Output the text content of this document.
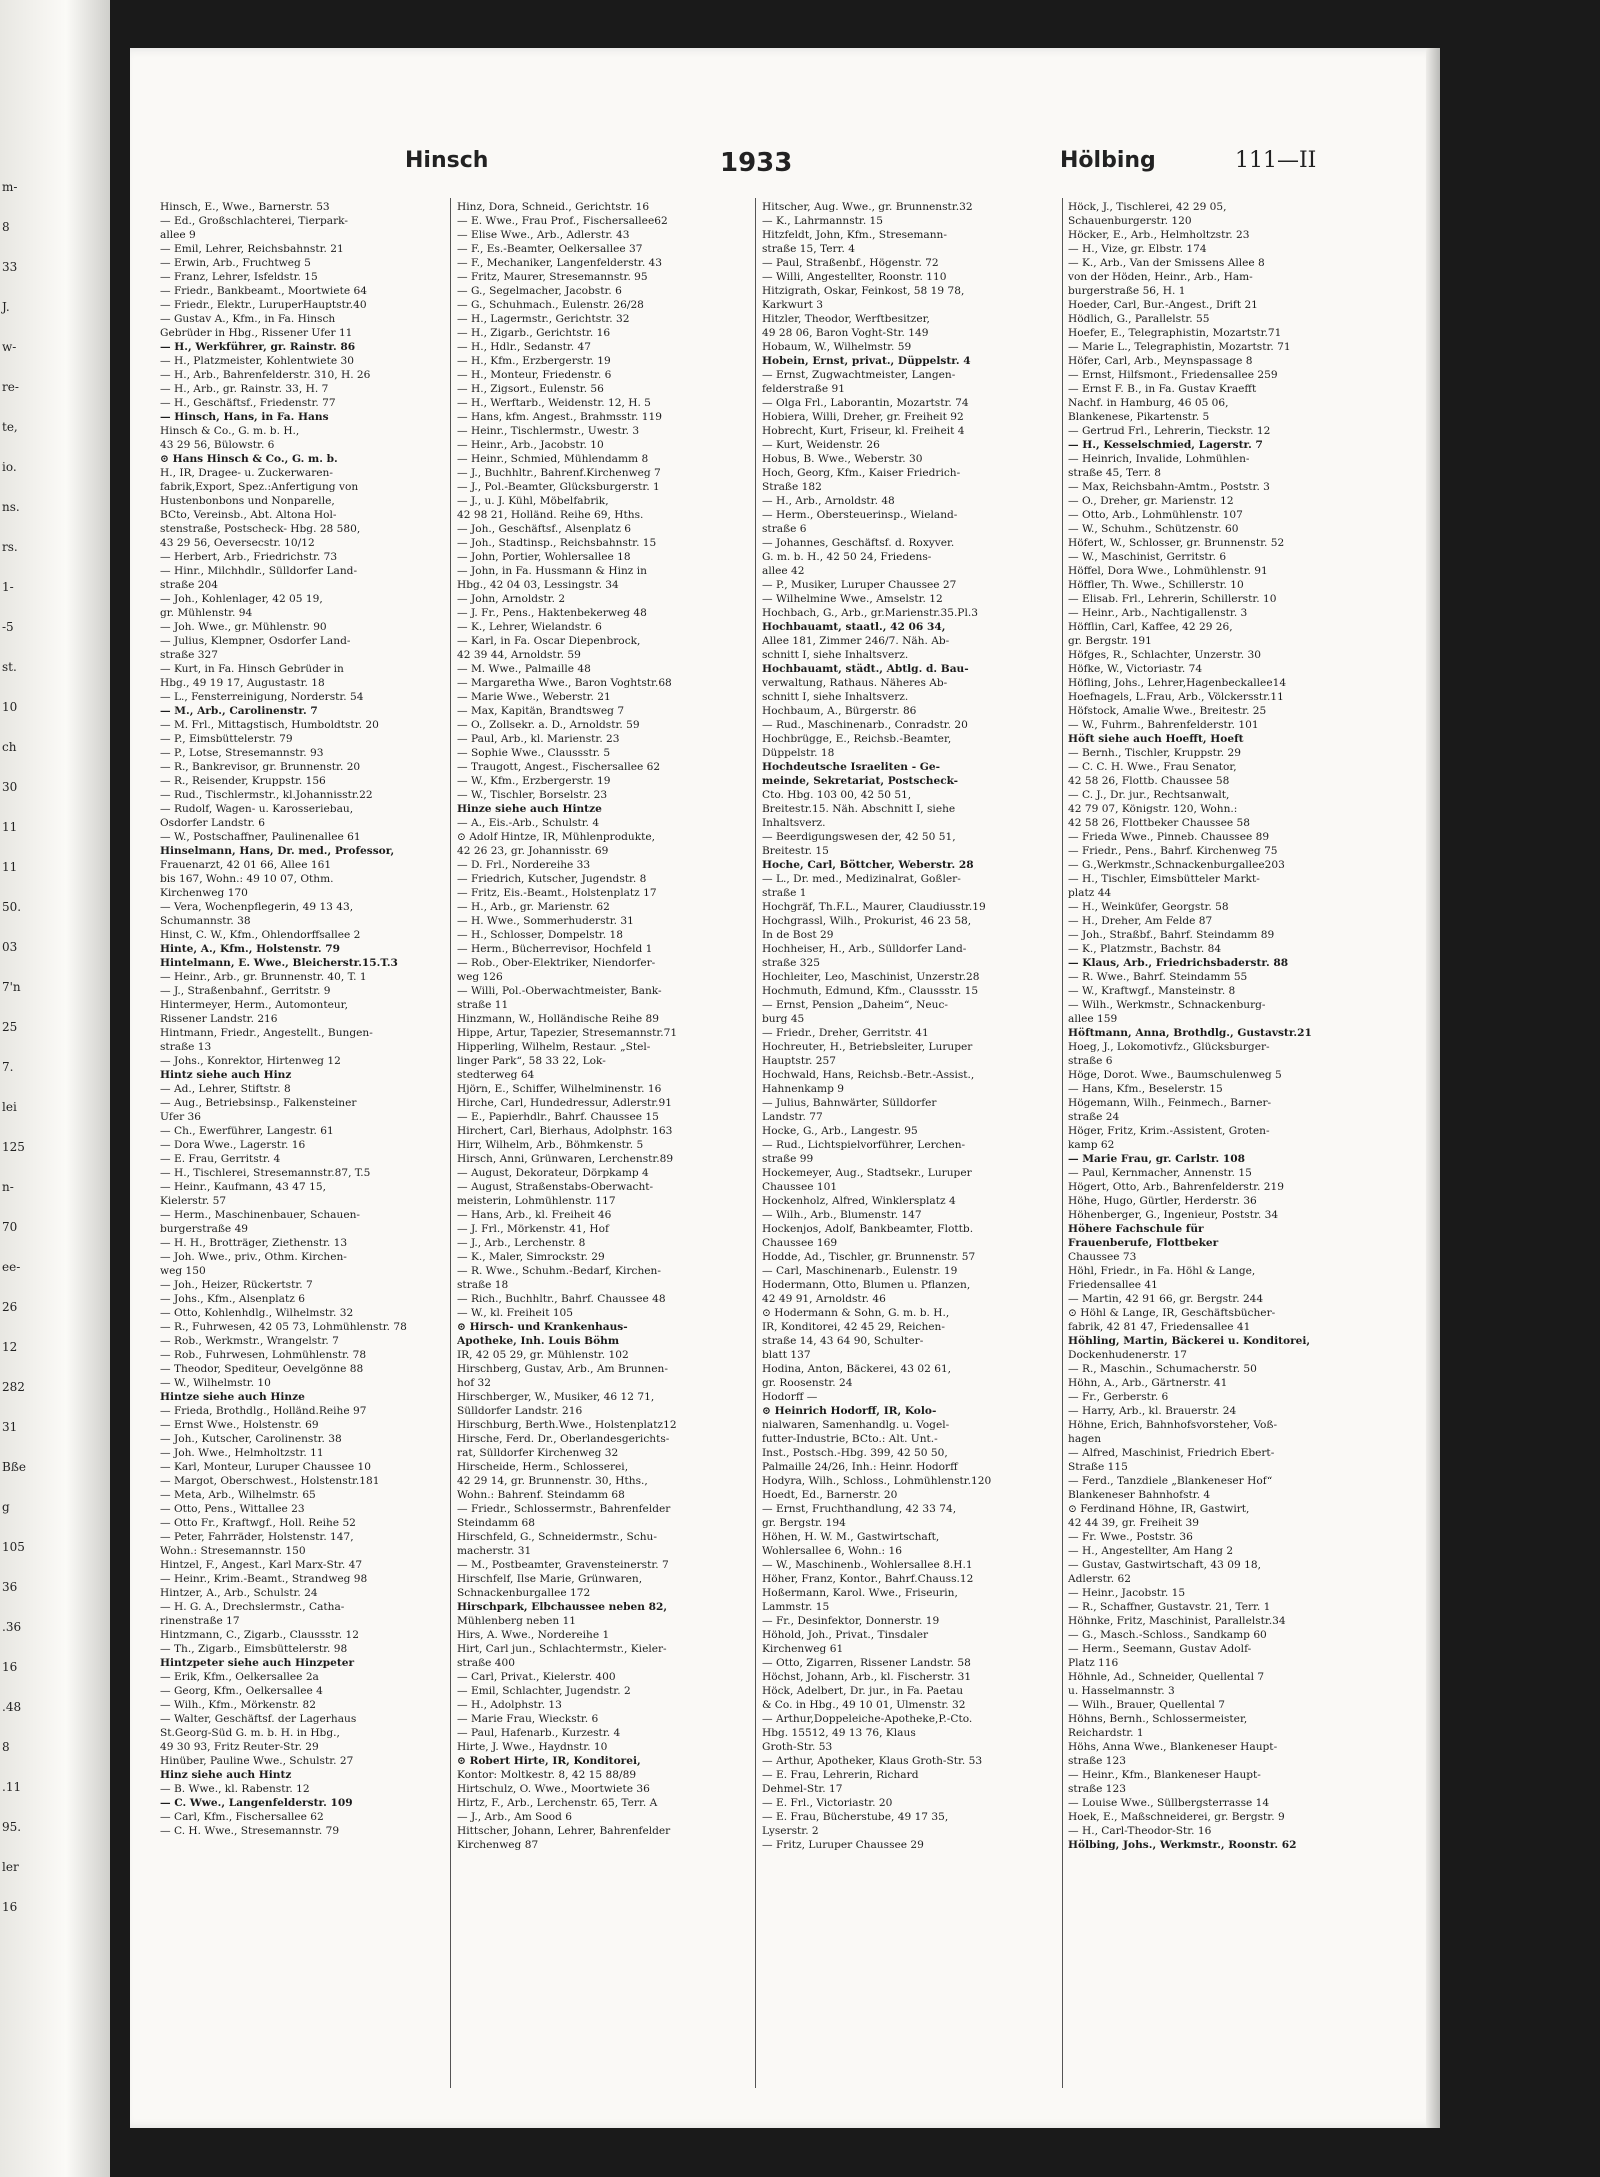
m-
8
33
J.
w-
re-
te,
io.
ns.
rs.
1-
-5
st.
10
ch
30
11
11
50.
03
7'n
25
7.
lei
125
n-
70
ee-
26
12
282
31
Bße
g
105
36
.36
16
.48
8
.11
95.
ler
16
Hinsch	1933	Hölbing	111—II
Hinsch, E., Wwe., Barnerstr. 53
— Ed., Großschlachterei, Tierpark-
allee 9
— Emil, Lehrer, Reichsbahnstr. 21
— Erwin, Arb., Fruchtweg 5
— Franz, Lehrer, Isfeldstr. 15
— Friedr., Bankbeamt., Moortwiete 64
— Friedr., Elektr., LuruperHauptstr.40
— Gustav A., Kfm., in Fa. Hinsch
Gebrüder in Hbg., Rissener Ufer 11
— H., Werkführer, gr. Rainstr. 86
— H., Platzmeister, Kohlentwiete 30
— H., Arb., Bahrenfelderstr. 310, H. 26
— H., Arb., gr. Rainstr. 33, H. 7
— H., Geschäftsf., Friedenstr. 77
— Hinsch, Hans, in Fa. Hans
Hinsch & Co., G. m. b. H.,
43 29 56, Bülowstr. 6
⊙ Hans Hinsch & Co., G. m. b.
H., IR, Dragee- u. Zuckerwaren-
fabrik,Export, Spez.:Anfertigung von
Hustenbonbons und Nonparelle,
BCto, Vereinsb., Abt. Altona Hol-
stenstraße, Postscheck- Hbg. 28 580,
43 29 56, Oeversecstr. 10/12
— Herbert, Arb., Friedrichstr. 73
— Hinr., Milchhdlr., Sülldorfer Land-
straße 204
— Joh., Kohlenlager, 42 05 19,
gr. Mühlenstr. 94
— Joh. Wwe., gr. Mühlenstr. 90
— Julius, Klempner, Osdorfer Land-
straße 327
— Kurt, in Fa. Hinsch Gebrüder in
Hbg., 49 19 17, Augustastr. 18
— L., Fensterreinigung, Norderstr. 54
— M., Arb., Carolinenstr. 7
— M. Frl., Mittagstisch, Humboldtstr. 20
— P., Eimsbüttelerstr. 79
— P., Lotse, Stresemannstr. 93
— R., Bankrevisor, gr. Brunnenstr. 20
— R., Reisender, Kruppstr. 156
— Rud., Tischlermstr., kl.Johannisstr.22
— Rudolf, Wagen- u. Karosseriebau,
Osdorfer Landstr. 6
— W., Postschaffner, Paulinenallee 61
Hinselmann, Hans, Dr. med., Professor,
Frauenarzt, 42 01 66, Allee 161
bis 167, Wohn.: 49 10 07, Othm.
Kirchenweg 170
— Vera, Wochenpflegerin, 49 13 43,
Schumannstr. 38
Hinst, C. W., Kfm., Ohlendorffsallee 2
Hinte, A., Kfm., Holstenstr. 79
Hintelmann, E. Wwe., Bleicherstr.15.T.3
— Heinr., Arb., gr. Brunnenstr. 40, T. 1
— J., Straßenbahnf., Gerritstr. 9
Hintermeyer, Herm., Automonteur,
Rissener Landstr. 216
Hintmann, Friedr., Angestellt., Bungen-
straße 13
— Johs., Konrektor, Hirtenweg 12
Hintz siehe auch Hinz
— Ad., Lehrer, Stiftstr. 8
— Aug., Betriebsinsp., Falkensteiner
Ufer 36
— Ch., Ewerführer, Langestr. 61
— Dora Wwe., Lagerstr. 16
— E. Frau, Gerritstr. 4
— H., Tischlerei, Stresemannstr.87, T.5
— Heinr., Kaufmann, 43 47 15,
Kielerstr. 57
— Herm., Maschinenbauer, Schauen-
burgerstraße 49
— H. H., Brotträger, Ziethenstr. 13
— Joh. Wwe., priv., Othm. Kirchen-
weg 150
— Joh., Heizer, Rückertstr. 7
— Johs., Kfm., Alsenplatz 6
— Otto, Kohlenhdlg., Wilhelmstr. 32
— R., Fuhrwesen, 42 05 73, Lohmühlenstr. 78
— Rob., Werkmstr., Wrangelstr. 7
— Rob., Fuhrwesen, Lohmühlenstr. 78
— Theodor, Spediteur, Oevelgönne 88
— W., Wilhelmstr. 10
Hintze siehe auch Hinze
— Frieda, Brothdlg., Holländ.Reihe 97
— Ernst Wwe., Holstenstr. 69
— Joh., Kutscher, Carolinenstr. 38
— Joh. Wwe., Helmholtzstr. 11
— Karl, Monteur, Luruper Chaussee 10
— Margot, Oberschwest., Holstenstr.181
— Meta, Arb., Wilhelmstr. 65
— Otto, Pens., Wittallee 23
— Otto Fr., Kraftwgf., Holl. Reihe 52
— Peter, Fahrräder, Holstenstr. 147,
Wohn.: Stresemannstr. 150
Hintzel, F., Angest., Karl Marx-Str. 47
— Heinr., Krim.-Beamt., Strandweg 98
Hintzer, A., Arb., Schulstr. 24
— H. G. A., Drechslermstr., Catha-
rinenstraße 17
Hintzmann, C., Zigarb., Claussstr. 12
— Th., Zigarb., Eimsbüttelerstr. 98
Hintzpeter siehe auch Hinzpeter
— Erik, Kfm., Oelkersallee 2a
— Georg, Kfm., Oelkersallee 4
— Wilh., Kfm., Mörkenstr. 82
— Walter, Geschäftsf. der Lagerhaus
St.Georg-Süd G. m. b. H. in Hbg.,
49 30 93, Fritz Reuter-Str. 29
Hinüber, Pauline Wwe., Schulstr. 27
Hinz siehe auch Hintz
— B. Wwe., kl. Rabenstr. 12
— C. Wwe., Langenfelderstr. 109
— Carl, Kfm., Fischersallee 62
— C. H. Wwe., Stresemannstr. 79
Hinz, Dora, Schneid., Gerichtstr. 16
— E. Wwe., Frau Prof., Fischersallee62
— Elise Wwe., Arb., Adlerstr. 43
— F., Es.-Beamter, Oelkersallee 37
— F., Mechaniker, Langenfelderstr. 43
— Fritz, Maurer, Stresemannstr. 95
— G., Segelmacher, Jacobstr. 6
— G., Schuhmach., Eulenstr. 26/28
— H., Lagermstr., Gerichtstr. 32
— H., Zigarb., Gerichtstr. 16
— H., Hdlr., Sedanstr. 47
— H., Kfm., Erzbergerstr. 19
— H., Monteur, Friedenstr. 6
— H., Zigsort., Eulenstr. 56
— H., Werftarb., Weidenstr. 12, H. 5
— Hans, kfm. Angest., Brahmsstr. 119
— Heinr., Tischlermstr., Uwestr. 3
— Heinr., Arb., Jacobstr. 10
— Heinr., Schmied, Mühlendamm 8
— J., Buchhltr., Bahrenf.Kirchenweg 7
— J., Pol.-Beamter, Glücksburgerstr. 1
— J., u. J. Kühl, Möbelfabrik,
42 98 21, Holländ. Reihe 69, Hths.
— Joh., Geschäftsf., Alsenplatz 6
— Joh., Stadtinsp., Reichsbahnstr. 15
— John, Portier, Wohlersallee 18
— John, in Fa. Hussmann & Hinz in
Hbg., 42 04 03, Lessingstr. 34
— John, Arnoldstr. 2
— J. Fr., Pens., Haktenbekerweg 48
— K., Lehrer, Wielandstr. 6
— Karl, in Fa. Oscar Diepenbrock,
42 39 44, Arnoldstr. 59
— M. Wwe., Palmaille 48
— Margaretha Wwe., Baron Voghtstr.68
— Marie Wwe., Weberstr. 21
— Max, Kapitän, Brandtsweg 7
— O., Zollsekr. a. D., Arnoldstr. 59
— Paul, Arb., kl. Marienstr. 23
— Sophie Wwe., Claussstr. 5
— Traugott, Angest., Fischersallee 62
— W., Kfm., Erzbergerstr. 19
— W., Tischler, Borselstr. 23
Hinze siehe auch Hintze
— A., Eis.-Arb., Schulstr. 4
⊙ Adolf Hintze, IR, Mühlenprodukte,
42 26 23, gr. Johannisstr. 69
— D. Frl., Nordereihe 33
— Friedrich, Kutscher, Jugendstr. 8
— Fritz, Eis.-Beamt., Holstenplatz 17
— H., Arb., gr. Marienstr. 62
— H. Wwe., Sommerhuderstr. 31
— H., Schlosser, Dompelstr. 18
— Herm., Bücherrevisor, Hochfeld 1
— Rob., Ober-Elektriker, Niendorfer-
weg 126
— Willi, Pol.-Oberwachtmeister, Bank-
straße 11
Hinzmann, W., Holländische Reihe 89
Hippe, Artur, Tapezier, Stresemannstr.71
Hipperling, Wilhelm, Restaur. „Stel-
linger Park“, 58 33 22, Lok-
stedterweg 64
Hjörn, E., Schiffer, Wilhelminenstr. 16
Hirche, Carl, Hundedressur, Adlerstr.91
— E., Papierhdlr., Bahrf. Chaussee 15
Hirchert, Carl, Bierhaus, Adolphstr. 163
Hirr, Wilhelm, Arb., Böhmkenstr. 5
Hirsch, Anni, Grünwaren, Lerchenstr.89
— August, Dekorateur, Dörpkamp 4
— August, Straßenstabs-Oberwacht-
meisterin, Lohmühlenstr. 117
— Hans, Arb., kl. Freiheit 46
— J. Frl., Mörkenstr. 41, Hof
— J., Arb., Lerchenstr. 8
— K., Maler, Simrockstr. 29
— R. Wwe., Schuhm.-Bedarf, Kirchen-
straße 18
— Rich., Buchhltr., Bahrf. Chaussee 48
— W., kl. Freiheit 105
⊙ Hirsch- und Krankenhaus-
Apotheke, Inh. Louis Böhm
IR, 42 05 29, gr. Mühlenstr. 102
Hirschberg, Gustav, Arb., Am Brunnen-
hof 32
Hirschberger, W., Musiker, 46 12 71,
Sülldorfer Landstr. 216
Hirschburg, Berth.Wwe., Holstenplatz12
Hirsche, Ferd. Dr., Oberlandesgerichts-
rat, Sülldorfer Kirchenweg 32
Hirscheide, Herm., Schlosserei,
42 29 14, gr. Brunnenstr. 30, Hths.,
Wohn.: Bahrenf. Steindamm 68
— Friedr., Schlossermstr., Bahrenfelder
Steindamm 68
Hirschfeld, G., Schneidermstr., Schu-
macherstr. 31
— M., Postbeamter, Gravensteinerstr. 7
Hirschfelf, Ilse Marie, Grünwaren,
Schnackenburgallee 172
Hirschpark, Elbchaussee neben 82,
Mühlenberg neben 11
Hirs, A. Wwe., Nordereihe 1
Hirt, Carl jun., Schlachtermstr., Kieler-
straße 400
— Carl, Privat., Kielerstr. 400
— Emil, Schlachter, Jugendstr. 2
— H., Adolphstr. 13
— Marie Frau, Wieckstr. 6
— Paul, Hafenarb., Kurzestr. 4
Hirte, J. Wwe., Haydnstr. 10
⊙ Robert Hirte, IR, Konditorei,
Kontor: Moltkestr. 8, 42 15 88/89
Hirtschulz, O. Wwe., Moortwiete 36
Hirtz, F., Arb., Lerchenstr. 65, Terr. A
— J., Arb., Am Sood 6
Hittscher, Johann, Lehrer, Bahrenfelder
Kirchenweg 87
Hitscher, Aug. Wwe., gr. Brunnenstr.32
— K., Lahrmannstr. 15
Hitzfeldt, John, Kfm., Stresemann-
straße 15, Terr. 4
— Paul, Straßenbf., Högenstr. 72
— Willi, Angestellter, Roonstr. 110
Hitzigrath, Oskar, Feinkost, 58 19 78,
Karkwurt 3
Hitzler, Theodor, Werftbesitzer,
49 28 06, Baron Voght-Str. 149
Hobaum, W., Wilhelmstr. 59
Hobein, Ernst, privat., Düppelstr. 4
— Ernst, Zugwachtmeister, Langen-
felderstraße 91
— Olga Frl., Laborantin, Mozartstr. 74
Hobiera, Willi, Dreher, gr. Freiheit 92
Hobrecht, Kurt, Friseur, kl. Freiheit 4
— Kurt, Weidenstr. 26
Hobus, B. Wwe., Weberstr. 30
Hoch, Georg, Kfm., Kaiser Friedrich-
Straße 182
— H., Arb., Arnoldstr. 48
— Herm., Obersteuerinsp., Wieland-
straße 6
— Johannes, Geschäftsf. d. Roxyver.
G. m. b. H., 42 50 24, Friedens-
allee 42
— P., Musiker, Luruper Chaussee 27
— Wilhelmine Wwe., Amselstr. 12
Hochbach, G., Arb., gr.Marienstr.35.Pl.3
Hochbauamt, staatl., 42 06 34,
Allee 181, Zimmer 246/7. Näh. Ab-
schnitt I, siehe Inhaltsverz.
Hochbauamt, städt., Abtlg. d. Bau-
verwaltung, Rathaus. Näheres Ab-
schnitt I, siehe Inhaltsverz.
Hochbaum, A., Bürgerstr. 86
— Rud., Maschinenarb., Conradstr. 20
Hochbrügge, E., Reichsb.-Beamter,
Düppelstr. 18
Hochdeutsche Israeliten - Ge-
meinde, Sekretariat, Postscheck-
Cto. Hbg. 103 00, 42 50 51,
Breitestr.15. Näh. Abschnitt I, siehe
Inhaltsverz.
— Beerdigungswesen der, 42 50 51,
Breitestr. 15
Hoche, Carl, Böttcher, Weberstr. 28
— L., Dr. med., Medizinalrat, Goßler-
straße 1
Hochgräf, Th.F.L., Maurer, Claudiusstr.19
Hochgrassl, Wilh., Prokurist, 46 23 58,
In de Bost 29
Hochheiser, H., Arb., Sülldorfer Land-
straße 325
Hochleiter, Leo, Maschinist, Unzerstr.28
Hochmuth, Edmund, Kfm., Claussstr. 15
— Ernst, Pension „Daheim“, Neuc-
burg 45
— Friedr., Dreher, Gerritstr. 41
Hochreuter, H., Betriebsleiter, Luruper
Hauptstr. 257
Hochwald, Hans, Reichsb.-Betr.-Assist.,
Hahnenkamp 9
— Julius, Bahnwärter, Sülldorfer
Landstr. 77
Hocke, G., Arb., Langestr. 95
— Rud., Lichtspielvorführer, Lerchen-
straße 99
Hockemeyer, Aug., Stadtsekr., Luruper
Chaussee 101
Hockenholz, Alfred, Winklersplatz 4
— Wilh., Arb., Blumenstr. 147
Hockenjos, Adolf, Bankbeamter, Flottb.
Chaussee 169
Hodde, Ad., Tischler, gr. Brunnenstr. 57
— Carl, Maschinenarb., Eulenstr. 19
Hodermann, Otto, Blumen u. Pflanzen,
42 49 91, Arnoldstr. 46
⊙ Hodermann & Sohn, G. m. b. H.,
IR, Konditorei, 42 45 29, Reichen-
straße 14, 43 64 90, Schulter-
blatt 137
Hodina, Anton, Bäckerei, 43 02 61,
gr. Roosenstr. 24
Hodorff —
⊙ Heinrich Hodorff, IR, Kolo-
nialwaren, Samenhandlg. u. Vogel-
futter-Industrie, BCto.: Alt. Unt.-
Inst., Postsch.-Hbg. 399, 42 50 50,
Palmaille 24/26, Inh.: Heinr. Hodorff
Hodyra, Wilh., Schloss., Lohmühlenstr.120
Hoedt, Ed., Barnerstr. 20
— Ernst, Fruchthandlung, 42 33 74,
gr. Bergstr. 194
Höhen, H. W. M., Gastwirtschaft,
Wohlersallee 6, Wohn.: 16
— W., Maschinenb., Wohlersallee 8.H.1
Höher, Franz, Kontor., Bahrf.Chauss.12
Hoßermann, Karol. Wwe., Friseurin,
Lammstr. 15
— Fr., Desinfektor, Donnerstr. 19
Höhold, Joh., Privat., Tinsdaler
Kirchenweg 61
— Otto, Zigarren, Rissener Landstr. 58
Höchst, Johann, Arb., kl. Fischerstr. 31
Höck, Adelbert, Dr. jur., in Fa. Paetau
& Co. in Hbg., 49 10 01, Ulmenstr. 32
— Arthur,Doppeleiche-Apotheke,P.-Cto.
Hbg. 15512, 49 13 76, Klaus
Groth-Str. 53
— Arthur, Apotheker, Klaus Groth-Str. 53
— E. Frau, Lehrerin, Richard
Dehmel-Str. 17
— E. Frl., Victoriastr. 20
— E. Frau, Bücherstube, 49 17 35,
Lyserstr. 2
— Fritz, Luruper Chaussee 29
Höck, J., Tischlerei, 42 29 05,
Schauenburgerstr. 120
Höcker, E., Arb., Helmholtzstr. 23
— H., Vize, gr. Elbstr. 174
— K., Arb., Van der Smissens Allee 8
von der Höden, Heinr., Arb., Ham-
burgerstraße 56, H. 1
Hoeder, Carl, Bur.-Angest., Drift 21
Hödlich, G., Parallelstr. 55
Hoefer, E., Telegraphistin, Mozartstr.71
— Marie L., Telegraphistin, Mozartstr. 71
Höfer, Carl, Arb., Meynspassage 8
— Ernst, Hilfsmont., Friedensallee 259
— Ernst F. B., in Fa. Gustav Kraefft
Nachf. in Hamburg, 46 05 06,
Blankenese, Pikartenstr. 5
— Gertrud Frl., Lehrerin, Tieckstr. 12
— H., Kesselschmied, Lagerstr. 7
— Heinrich, Invalide, Lohmühlen-
straße 45, Terr. 8
— Max, Reichsbahn-Amtm., Poststr. 3
— O., Dreher, gr. Marienstr. 12
— Otto, Arb., Lohmühlenstr. 107
— W., Schuhm., Schützenstr. 60
Höfert, W., Schlosser, gr. Brunnenstr. 52
— W., Maschinist, Gerritstr. 6
Höffel, Dora Wwe., Lohmühlenstr. 91
Höffler, Th. Wwe., Schillerstr. 10
— Elisab. Frl., Lehrerin, Schillerstr. 10
— Heinr., Arb., Nachtigallenstr. 3
Höfflin, Carl, Kaffee, 42 29 26,
gr. Bergstr. 191
Höfges, R., Schlachter, Unzerstr. 30
Höfke, W., Victoriastr. 74
Höfling, Johs., Lehrer,Hagenbeckallee14
Hoefnagels, L.Frau, Arb., Völckersstr.11
Höfstock, Amalie Wwe., Breitestr. 25
— W., Fuhrm., Bahrenfelderstr. 101
Höft siehe auch Hoefft, Hoeft
— Bernh., Tischler, Kruppstr. 29
— C. C. H. Wwe., Frau Senator,
42 58 26, Flottb. Chaussee 58
— C. J., Dr. jur., Rechtsanwalt,
42 79 07, Königstr. 120, Wohn.:
42 58 26, Flottbeker Chaussee 58
— Frieda Wwe., Pinneb. Chaussee 89
— Friedr., Pens., Bahrf. Kirchenweg 75
— G.,Werkmstr.,Schnackenburgallee203
— H., Tischler, Eimsbütteler Markt-
platz 44
— H., Weinküfer, Georgstr. 58
— H., Dreher, Am Felde 87
— Joh., Straßbf., Bahrf. Steindamm 89
— K., Platzmstr., Bachstr. 84
— Klaus, Arb., Friedrichsbaderstr. 88
— R. Wwe., Bahrf. Steindamm 55
— W., Kraftwgf., Mansteinstr. 8
— Wilh., Werkmstr., Schnackenburg-
allee 159
Höftmann, Anna, Brothdlg., Gustavstr.21
Hoeg, J., Lokomotivfz., Glücksburger-
straße 6
Höge, Dorot. Wwe., Baumschulenweg 5
— Hans, Kfm., Beselerstr. 15
Högemann, Wilh., Feinmech., Barner-
straße 24
Höger, Fritz, Krim.-Assistent, Groten-
kamp 62
— Marie Frau, gr. Carlstr. 108
— Paul, Kernmacher, Annenstr. 15
Högert, Otto, Arb., Bahrenfelderstr. 219
Höhe, Hugo, Gürtler, Herderstr. 36
Höhenberger, G., Ingenieur, Poststr. 34
Höhere Fachschule für
Frauenberufe, Flottbeker
Chaussee 73
Höhl, Friedr., in Fa. Höhl & Lange,
Friedensallee 41
— Martin, 42 91 66, gr. Bergstr. 244
⊙ Höhl & Lange, IR, Geschäftsbücher-
fabrik, 42 81 47, Friedensallee 41
Höhling, Martin, Bäckerei u. Konditorei,
Dockenhudenerstr. 17
— R., Maschin., Schumacherstr. 50
Höhn, A., Arb., Gärtnerstr. 41
— Fr., Gerberstr. 6
— Harry, Arb., kl. Brauerstr. 24
Höhne, Erich, Bahnhofsvorsteher, Voß-
hagen
— Alfred, Maschinist, Friedrich Ebert-
Straße 115
— Ferd., Tanzdiele „Blankeneser Hof“
Blankeneser Bahnhofstr. 4
⊙ Ferdinand Höhne, IR, Gastwirt,
42 44 39, gr. Freiheit 39
— Fr. Wwe., Poststr. 36
— H., Angestellter, Am Hang 2
— Gustav, Gastwirtschaft, 43 09 18,
Adlerstr. 62
— Heinr., Jacobstr. 15
— R., Schaffner, Gustavstr. 21, Terr. 1
Höhnke, Fritz, Maschinist, Parallelstr.34
— G., Masch.-Schloss., Sandkamp 60
— Herm., Seemann, Gustav Adolf-
Platz 116
Höhnle, Ad., Schneider, Quellental 7
u. Hasselmannstr. 3
— Wilh., Brauer, Quellental 7
Höhns, Bernh., Schlossermeister,
Reichardstr. 1
Höhs, Anna Wwe., Blankeneser Haupt-
straße 123
— Heinr., Kfm., Blankeneser Haupt-
straße 123
— Louise Wwe., Süllbergsterrasse 14
Hoek, E., Maßschneiderei, gr. Bergstr. 9
— H., Carl-Theodor-Str. 16
Hölbing, Johs., Werkmstr., Roonstr. 62
